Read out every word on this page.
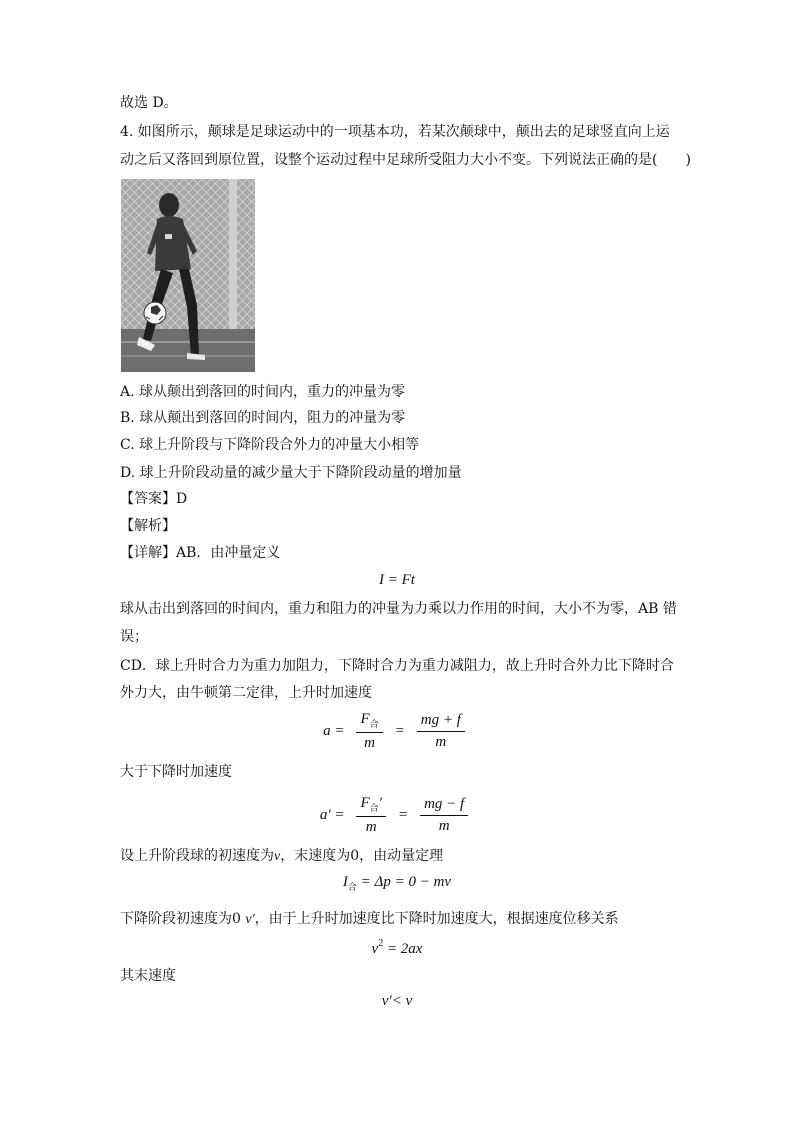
故选 D。
4. 如图所示，颠球是足球运动中的一项基本功，若某次颠球中，颠出去的足球竖直向上运
动之后又落回到原位置，设整个运动过程中足球所受阻力大小不变。下列说法正确的是(　　)
A. 球从颠出到落回的时间内，重力的冲量为零
B. 球从颠出到落回的时间内，阻力的冲量为零
C. 球上升阶段与下降阶段合外力的冲量大小相等
D. 球上升阶段动量的减少量大于下降阶段动量的增加量
【答案】D
【解析】
【详解】AB．由冲量定义
I = Ft
球从击出到落回的时间内，重力和阻力的冲量为力乘以力作用的时间，大小不为零，AB 错
误；
CD．球上升时合力为重力加阻力，下降时合力为重力减阻力，故上升时合外力比下降时合
外力大，由牛顿第二定律，上升时加速度
$a = \frac{F_合}{m} = \frac{mg + f}{m}$
大于下降时加速度
$a' = \frac{F_合'}{m} = \frac{mg - f}{m}$
设上升阶段球的初速度为v，末速度为0，由动量定理
$I_合 = \Delta p = 0$ − mv
下降阶段初速度为0 v′，由于上升时加速度比下降时加速度大，根据速度位移关系
$v^2 = 2ax$
其末速度
v′< v
